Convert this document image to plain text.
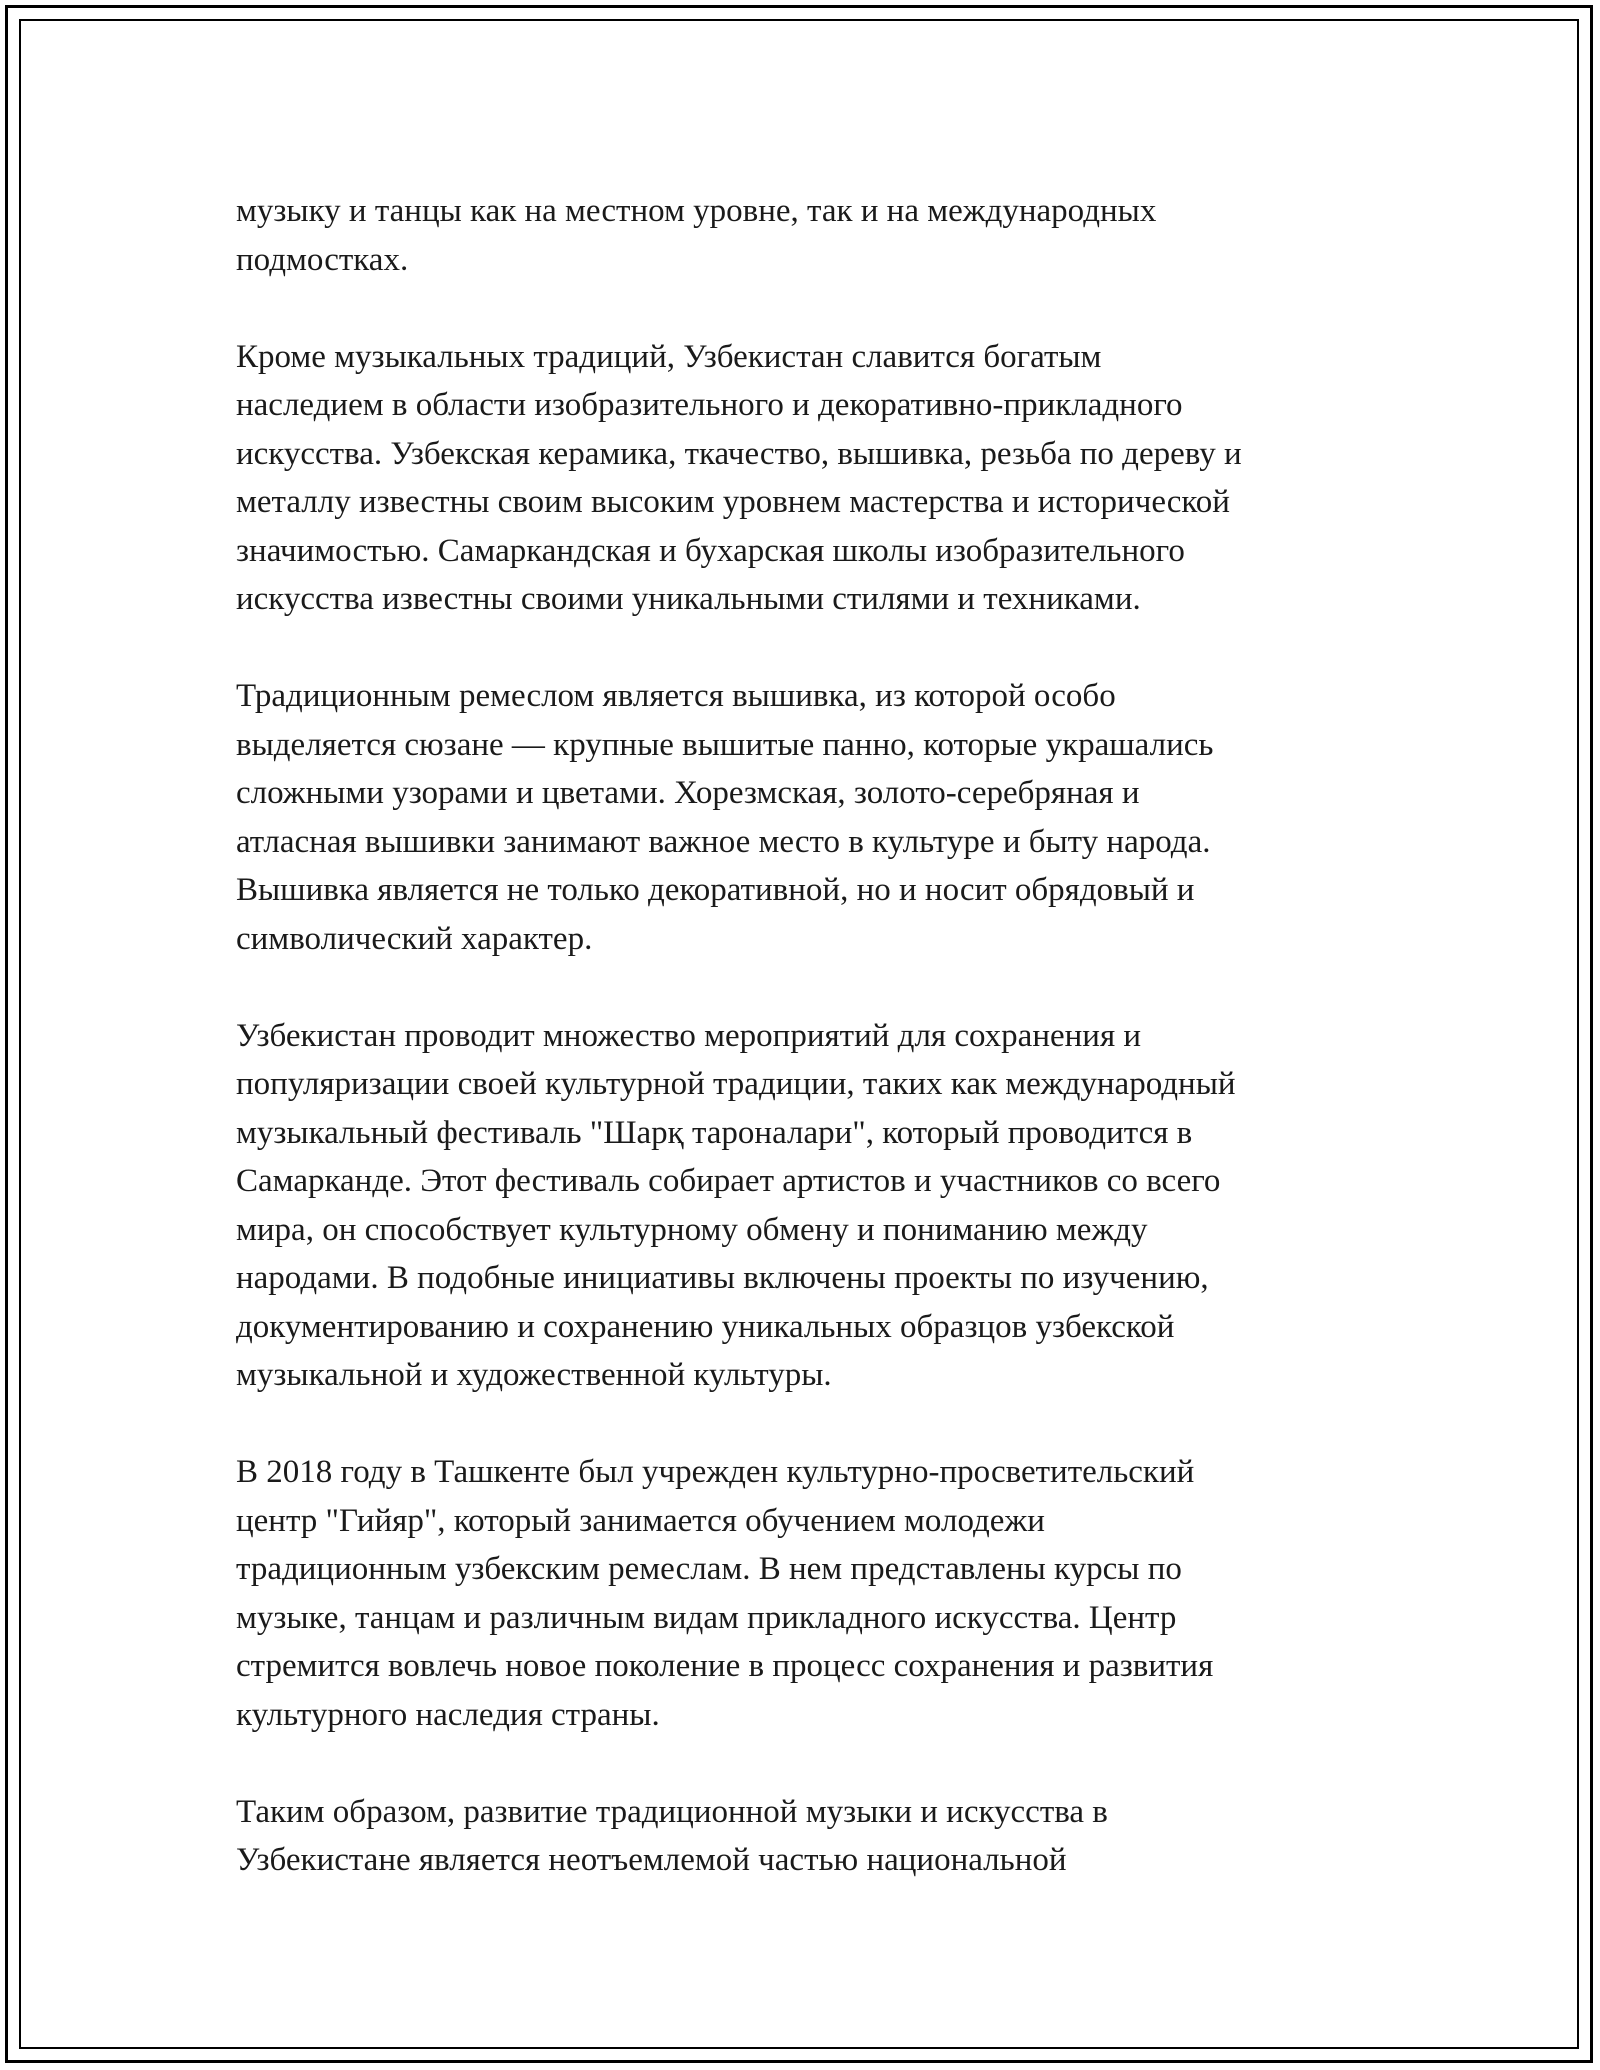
музыку и танцы как на местном уровне, так и на международных
подмостках.

Кроме музыкальных традиций, Узбекистан славится богатым
наследием в области изобразительного и декоративно-прикладного
искусства. Узбекская керамика, ткачество, вышивка, резьба по дереву и
металлу известны своим высоким уровнем мастерства и исторической
значимостью. Самаркандская и бухарская школы изобразительного
искусства известны своими уникальными стилями и техниками.

Традиционным ремеслом является вышивка, из которой особо
выделяется сюзане — крупные вышитые панно, которые украшались
сложными узорами и цветами. Хорезмская, золото-серебряная и
атласная вышивки занимают важное место в культуре и быту народа.
Вышивка является не только декоративной, но и носит обрядовый и
символический характер.

Узбекистан проводит множество мероприятий для сохранения и
популяризации своей культурной традиции, таких как международный
музыкальный фестиваль "Шарқ тароналари", который проводится в
Самарканде. Этот фестиваль собирает артистов и участников со всего
мира, он способствует культурному обмену и пониманию между
народами. В подобные инициативы включены проекты по изучению,
документированию и сохранению уникальных образцов узбекской
музыкальной и художественной культуры.

В 2018 году в Ташкенте был учрежден культурно-просветительский
центр "Гийяр", который занимается обучением молодежи
традиционным узбекским ремеслам. В нем представлены курсы по
музыке, танцам и различным видам прикладного искусства. Центр
стремится вовлечь новое поколение в процесс сохранения и развития
культурного наследия страны.

Таким образом, развитие традиционной музыки и искусства в
Узбекистане является неотъемлемой частью национальной
